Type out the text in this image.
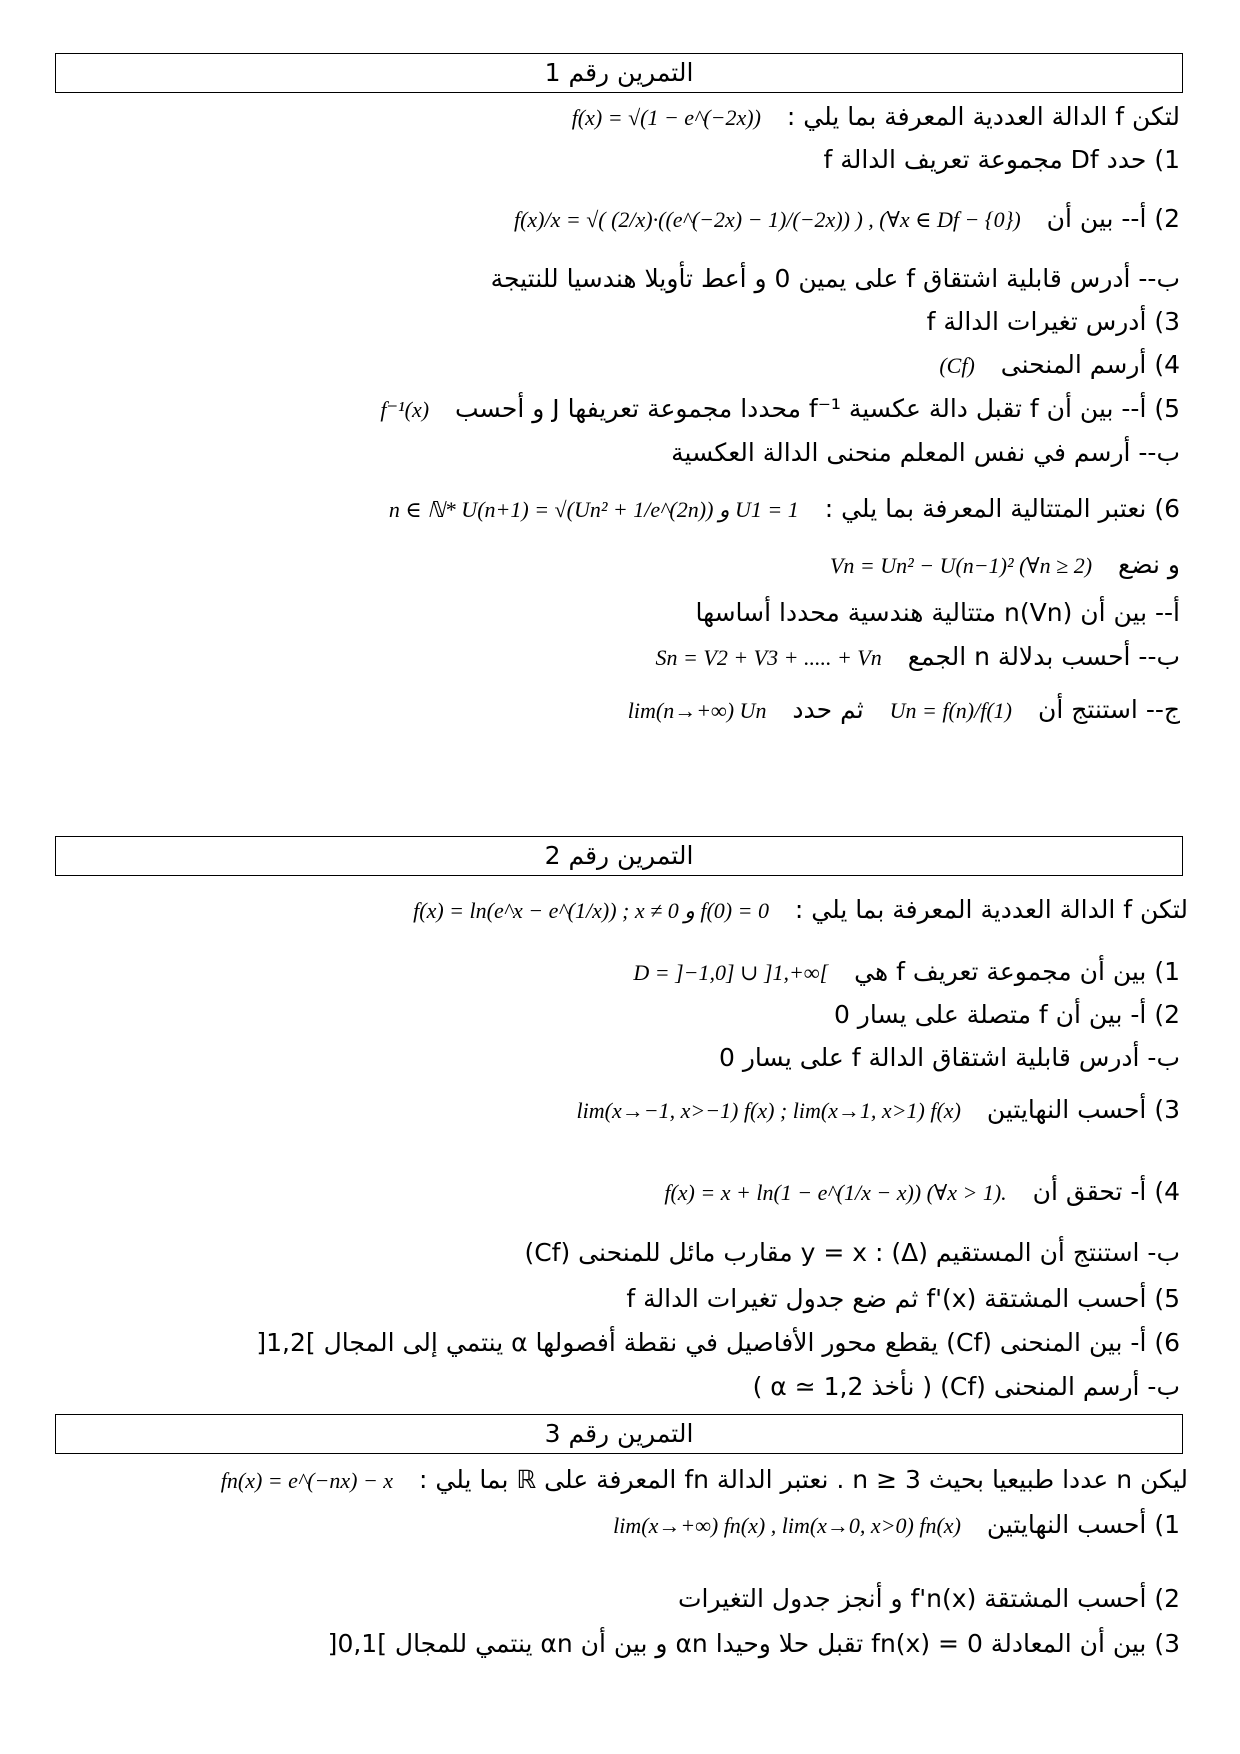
التمرين رقم 1
لتكن f الدالة العددية المعرفة بما يلي : f(x) = √(1 − e^(−2x))
1) حدد Df مجموعة تعريف الدالة f
2) أ-- بين أن f(x)/x = √( (2/x)·((e^(−2x) − 1)/(−2x)) ) , (∀x ∈ Df − {0})
ب-- أدرس قابلية اشتقاق f على يمين 0 و أعط تأويلا هندسيا للنتيجة
3) أدرس تغيرات الدالة f
4) أرسم المنحنى (Cf)
5) أ-- بين أن f تقبل دالة عكسية f⁻¹ محددا مجموعة تعريفها J و أحسب f⁻¹(x)
ب-- أرسم في نفس المعلم منحنى الدالة العكسية
6) نعتبر المتتالية المعرفة بما يلي : n ∈ ℕ* U(n+1) = √(Un² + 1/e^(2n)) و U1 = 1
و نضع Vn = Un² − U(n−1)² (∀n ≥ 2)
أ-- بين أن (Vn)n متتالية هندسية محددا أساسها
ب-- أحسب بدلالة n الجمع Sn = V2 + V3 + ..... + Vn
ج-- استنتج أن Un = f(n)/f(1) ثم حدد lim(n→+∞) Un
التمرين رقم 2
لتكن f الدالة العددية المعرفة بما يلي : f(x) = ln(e^x − e^(1/x)) ; x ≠ 0 و f(0) = 0
1) بين أن مجموعة تعريف f هي D = ]−1,0] ∪ ]1,+∞[
2) أ- بين أن f متصلة على يسار 0
ب- أدرس قابلية اشتقاق الدالة f على يسار 0
3) أحسب النهايتين lim(x→−1, x>−1) f(x) ; lim(x→1, x>1) f(x)
4) أ- تحقق أن f(x) = x + ln(1 − e^(1/x − x)) (∀x > 1).
ب- استنتج أن المستقيم (Δ) : y = x مقارب مائل للمنحنى (Cf)
5) أحسب المشتقة f'(x) ثم ضع جدول تغيرات الدالة f
6) أ- بين المنحنى (Cf) يقطع محور الأفاصيل في نقطة أفصولها α ينتمي إلى المجال ]1,2[
ب- أرسم المنحنى (Cf) ( نأخذ α ≃ 1,2 )
التمرين رقم 3
ليكن n عددا طبيعيا بحيث n ≥ 3 . نعتبر الدالة fn المعرفة على ℝ بما يلي : fn(x) = e^(−nx) − x
1) أحسب النهايتين lim(x→+∞) fn(x) , lim(x→0, x>0) fn(x)
2) أحسب المشتقة f'n(x) و أنجز جدول التغيرات
3) بين أن المعادلة fn(x) = 0 تقبل حلا وحيدا αn و بين أن αn ينتمي للمجال ]0,1[
